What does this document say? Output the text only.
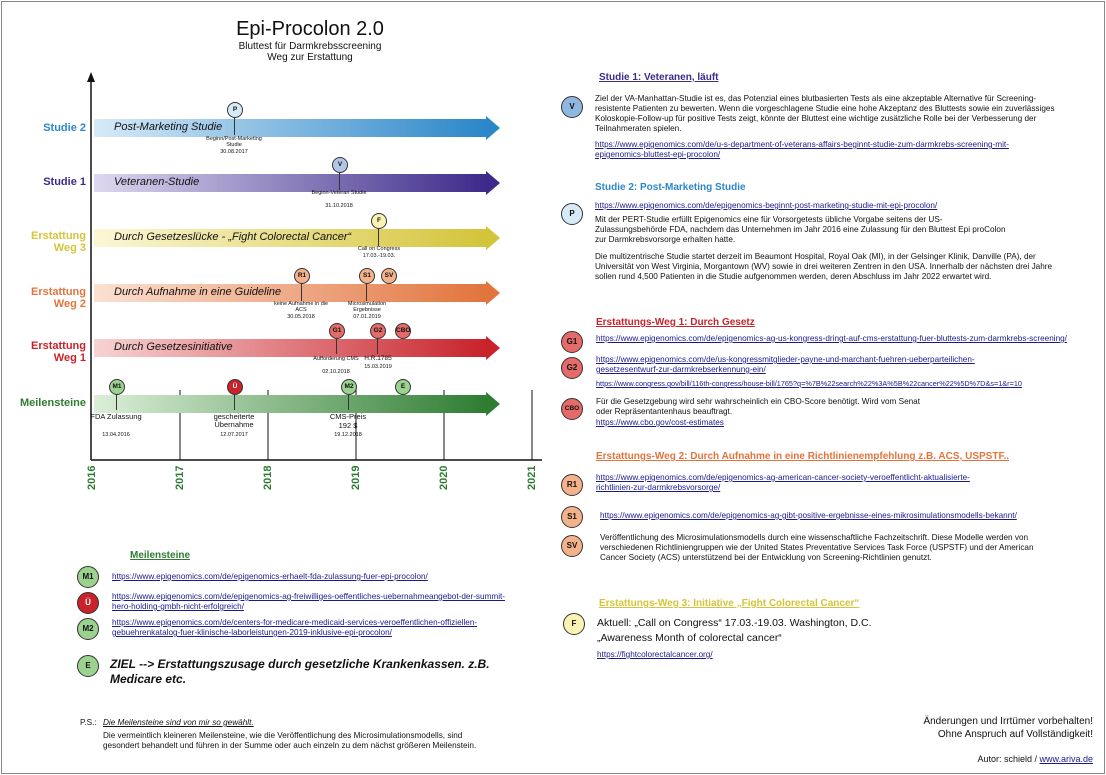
Epi-Procolon 2.0
Bluttest für Darmkrebsscreening
Weg zur Erstattung
2016	2017	2018	2019	2020	2021
Studie 2
Studie 1
Erstattung Weg 3
Erstattung Weg 2
Erstattung Weg 1
Meilensteine
Post-Marketing Studie
Veteranen-Studie
Durch Gesetzeslücke - „Fight Colorectal Cancer“
Durch Aufnahme in eine Guideline
Durch Gesetzesinitiative
P
Beginn/Post-Marketing Studie
30.08.2017
V
Beginn-Veteran Studie
31.10.2018
F
Call on Congress
17.03.-19.03.
R1
keine Aufnahme in die ACS
30.05.2018
S1
Microsimulation Ergebnisse
07.01.2019
SV
G1
Aufforderung CMS
02.10.2018
G2
H.R.1785
15.03.2019
CBO
M1
FDA Zulassung
13.04.2016
Ü
gescheiterte Übernahme
12.07.2017
M2
CMS-Preis
192 $
19.12.2018
E
Meilensteine
M1	https://www.epigenomics.com/de/epigenomics-erhaelt-fda-zulassung-fuer-epi-procolon/
Ü
https://www.epigenomics.com/de/epigenomics-ag-freiwilliges-oeffentliches-uebernahmeangebot-der-summit-hero-holding-gmbh-nicht-erfolgreich/
M2
https://www.epigenomics.com/de/centers-for-medicare-medicaid-services-veroeffentlichen-offiziellen-gebuehrenkatalog-fuer-klinische-laborleistungen-2019-inklusive-epi-procolon/
E	ZIEL --> Erstattungszusage durch gesetzliche Krankenkassen. z.B. Medicare etc.
P.S.: Die Meilensteine sind von mir so gewählt.
Die vermeintlich kleineren Meilensteine, wie die Veröffentlichung des Microsimulationsmodells, sind
gesondert behandelt und führen in der Summe oder auch einzeln zu dem nächst größeren Meilenstein.
Studie 1: Veteranen, läuft
V
Ziel der VA-Manhattan-Studie ist es, das Potenzial eines blutbasierten Tests als eine akzeptable Alternative für Screening-resistente Patienten zu bewerten. Wenn die vorgeschlagene Studie eine hohe Akzeptanz des Bluttests sowie ein zuverlässiges Koloskopie-Follow-up für positive Tests zeigt, könnte der Bluttest eine wichtige zusätzliche Rolle bei der Verbesserung der Teilnahmeraten spielen.
https://www.epigenomics.com/de/u-s-department-of-veterans-affairs-beginnt-studie-zum-darmkrebs-screening-mit-epigenomics-bluttest-epi-procolon/
Studie 2: Post-Marketing Studie
https://www.epigenomics.com/de/epigenomics-beginnt-post-marketing-studie-mit-epi-procolon/
P
Mit der PERT-Studie erfüllt Epigenomics eine für Vorsorgetests übliche Vorgabe seitens der US-Zulassungsbehörde FDA, nachdem das Unternehmen im Jahr 2016 eine Zulassung für den Bluttest Epi proColon zur Darmkrebsvorsorge erhalten hatte.
Die multizentrische Studie startet derzeit im Beaumont Hospital, Royal Oak (MI), in der Gelsinger Klinik, Danville (PA), der Universität von West Virginia, Morgantown (WV) sowie in drei weiteren Zentren in den USA. Innerhalb der nächsten drei Jahre sollen rund 4,500 Patienten in die Studie aufgenommen werden, deren Abschluss im Jahr 2022 erwartet wird.
Erstattungs-Weg 1: Durch Gesetz
G1	https://www.epigenomics.com/de/epigenomics-ag-us-kongress-dringt-auf-cms-erstattung-fuer-bluttests-zum-darmkrebs-screening/
G2
https://www.epigenomics.com/de/us-kongressmitglieder-payne-und-marchant-fuehren-ueberparteilichen-gesetzesentwurf-zur-darmkrebserkennung-ein/
https://www.congress.gov/bill/116th-congress/house-bill/1765?q=%7B%22search%22%3A%5B%22cancer%22%5D%7D&s=1&r=10
CBO
Für die Gesetzgebung wird sehr wahrscheinlich ein CBO-Score benötigt. Wird vom Senat oder Repräsentantenhaus beauftragt.
https://www.cbo.gov/cost-estimates
Erstattungs-Weg 2: Durch Aufnahme in eine Richtlinienempfehlung z.B. ACS, USPSTF..
R1
https://www.epigenomics.com/de/epigenomics-ag-american-cancer-society-veroeffentlicht-aktualisierte-richtlinien-zur-darmkrebsvorsorge/
S1	https://www.epigenomics.com/de/epigenomics-ag-gibt-positive-ergebnisse-eines-mikrosimulationsmodells-bekannt/
SV
Veröffentlichung des Microsimulationsmodells durch eine wissenschaftliche Fachzeitschrift. Diese Modelle werden von verschiedenen Richtliniengruppen wie der United States Preventative Services Task Force (USPSTF) und der American Cancer Society (ACS) unterstützend bei der Entwicklung von Screening-Richtlinien genutzt.
Erstattungs-Weg 3: Initiative „Fight Colorectal Cancer“
F	Aktuell: „Call on Congress“ 17.03.-19.03. Washington, D.C.
„Awareness Month of colorectal cancer“
https://fightcolorectalcancer.org/
Änderungen und Irrtümer vorbehalten!
Ohne Anspruch auf Vollständigkeit!
Autor: schield / www.ariva.de
